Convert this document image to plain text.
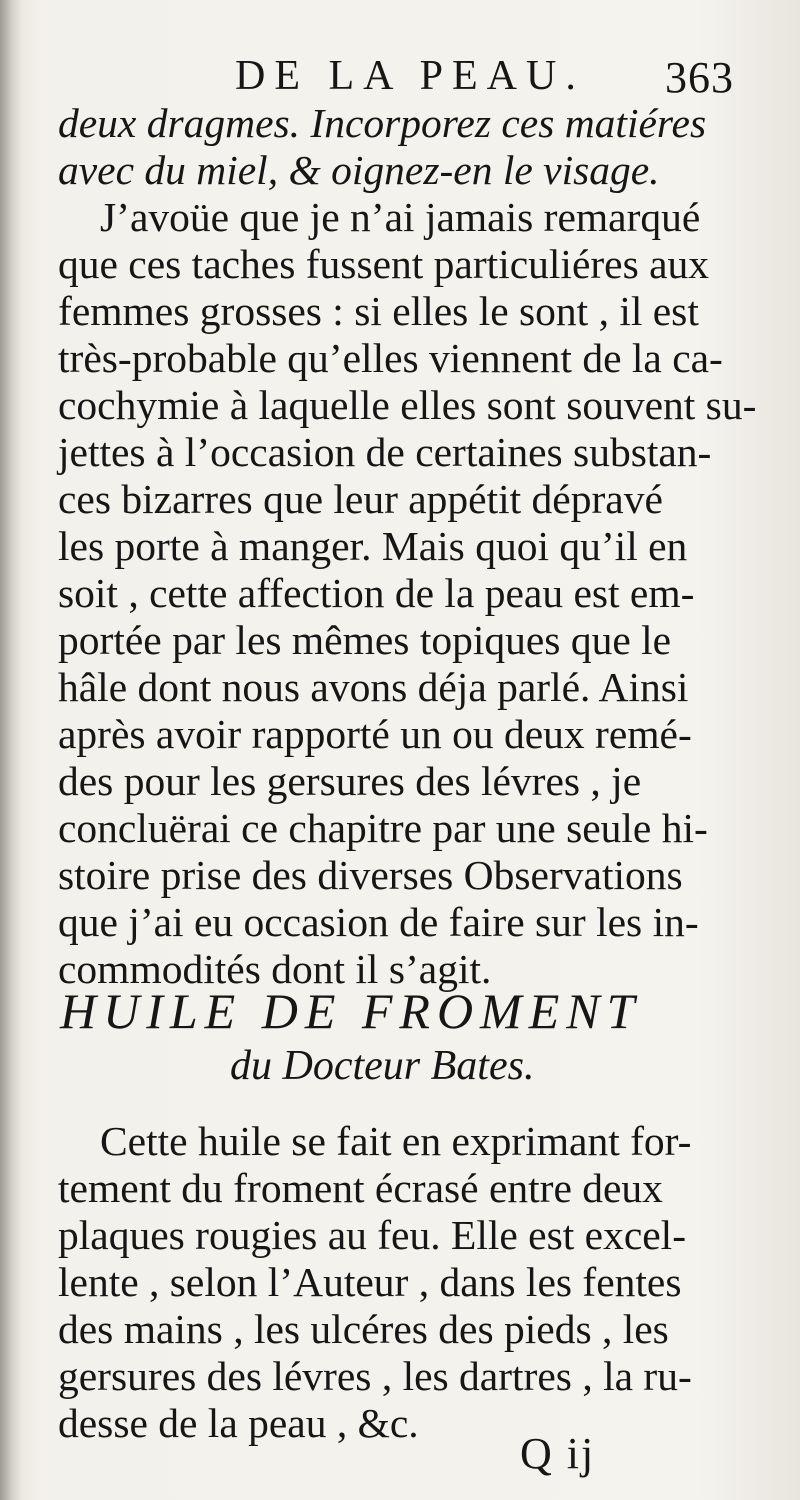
DE LA PEAU. 363
deux dragmes. Incorporez ces matiéres
avec du miel, & oignez-en le visage.
J’avoüe que je n’ai jamais remarqué
que ces taches fussent particuliéres aux
femmes grosses : si elles le sont , il est
très-probable qu’elles viennent de la ca-
cochymie à laquelle elles sont souvent su-
jettes à l’occasion de certaines substan-
ces bizarres que leur appétit dépravé
les porte à manger. Mais quoi qu’il en
soit , cette affection de la peau est em-
portée par les mêmes topiques que le
hâle dont nous avons déja parlé. Ainsi
après avoir rapporté un ou deux remé-
des pour les gersures des lévres , je
concluërai ce chapitre par une seule hi-
stoire prise des diverses Observations
que j’ai eu occasion de faire sur les in-
commodités dont il s’agit.
HUILE DE FROMENT
du Docteur Bates.
Cette huile se fait en exprimant for-
tement du froment écrasé entre deux
plaques rougies au feu. Elle est excel-
lente , selon l’Auteur , dans les fentes
des mains , les ulcéres des pieds , les
gersures des lévres , les dartres , la ru-
desse de la peau , &c.
Q ij
